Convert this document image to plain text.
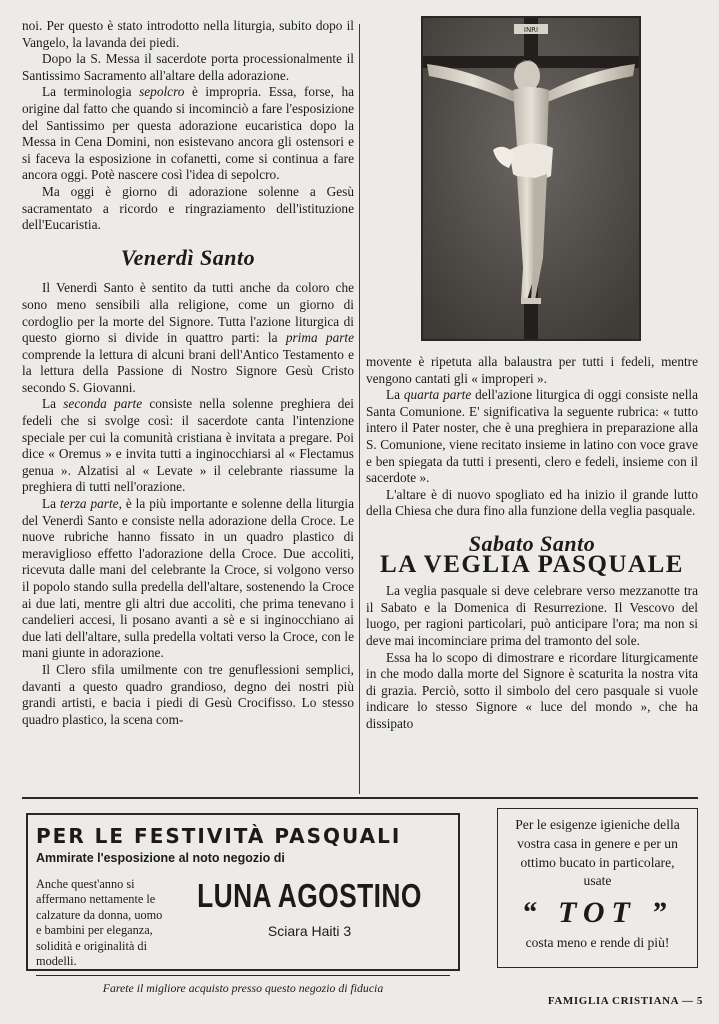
noi. Per questo è stato introdotto nella liturgia, subito dopo il Vangelo, la lavanda dei piedi.

Dopo la S. Messa il sacerdote porta processionalmente il Santissimo Sacramento all'altare della adorazione.

La terminologia sepolcro è impropria. Essa, forse, ha origine dal fatto che quando si incominciò a fare l'esposizione del Santissimo per questa adorazione eucaristica dopo la Messa in Cena Domini, non esistevano ancora gli ostensori e si faceva la esposizione in cofanetti, come si continua a fare ancora oggi. Potè nascere così l'idea di sepolcro.

Ma oggi è giorno di adorazione solenne a Gesù sacramentato a ricordo e ringraziamento dell'istituzione dell'Eucaristia.

Venerdì Santo

Il Venerdì Santo è sentito da tutti anche da coloro che sono meno sensibili alla religione, come un giorno di cordoglio per la morte del Signore. Tutta l'azione liturgica di questo giorno si divide in quattro parti: la prima parte comprende la lettura di alcuni brani dell'Antico Testamento e la lettura della Passione di Nostro Signore Gesù Cristo secondo S. Giovanni.

La seconda parte consiste nella solenne preghiera dei fedeli che si svolge così: il sacerdote canta l'intenzione speciale per cui la comunità cristiana è invitata a pregare. Poi dice « Oremus » e invita tutti a inginocchiarsi al « Flectamus genua ». Alzatisi al « Levate » il celebrante riassume la preghiera di tutti nell'orazione.

La terza parte, è la più importante e solenne della liturgia del Venerdì Santo e consiste nella adorazione della Croce. Le nuove rubriche hanno fissato in un quadro plastico di meraviglioso effetto l'adorazione della Croce. Due accoliti, ricevuta dalle mani del celebrante la Croce, si volgono verso il popolo stando sulla predella dell'altare, sostenendo la Croce ai due lati, mentre gli altri due accoliti, che prima tenevano i candelieri accesi, li posano avanti a sè e si inginocchiano ai due lati dell'altare, sulla predella voltati verso la Croce, con le mani giunte in adorazione.

Il Clero sfila umilmente con tre genuflessioni semplici, davanti a questo quadro grandioso, degno dei nostri più grandi artisti, e bacia i piedi di Gesù Crocifisso. Lo stesso quadro plastico, la scena com-

INRI

movente è ripetuta alla balaustra per tutti i fedeli, mentre vengono cantati gli « improperi ».

La quarta parte dell'azione liturgica di oggi consiste nella Santa Comunione. E' significativa la seguente rubrica: « tutto intero il Pater noster, che è una preghiera in preparazione alla S. Comunione, viene recitato insieme in latino con voce grave e ben spiegata da tutti i presenti, clero e fedeli, insieme con il sacerdote ».

L'altare è di nuovo spogliato ed ha inizio il grande lutto della Chiesa che dura fino alla funzione della veglia pasquale.

Sabato Santo
LA VEGLIA PASQUALE

La veglia pasquale si deve celebrare verso mezzanotte tra il Sabato e la Domenica di Resurrezione. Il Vescovo del luogo, per ragioni particolari, può anticipare l'ora; ma non si deve mai incominciare prima del tramonto del sole.

Essa ha lo scopo di dimostrare e ricordare liturgicamente in che modo dalla morte del Signore è scaturita la nostra vita di grazia. Perciò, sotto il simbolo del cero pasquale si vuole indicare lo stesso Signore « luce del mondo », che ha dissipato

PER LE FESTIVITÀ PASQUALI
Ammirate l'esposizione al noto negozio di
Anche quest'anno si affermano nettamente le calzature da donna, uomo e bambini per eleganza, solidità e originalità di modelli.
LUNA AGOSTINO
Sciara Haiti 3
Farete il migliore acquisto presso questo negozio di fiducia
Per le esigenze igieniche della vostra casa in genere e per un ottimo bucato in particolare, usate
“ TOT ”
costa meno e rende di più!
FAMIGLIA CRISTIANA — 5
